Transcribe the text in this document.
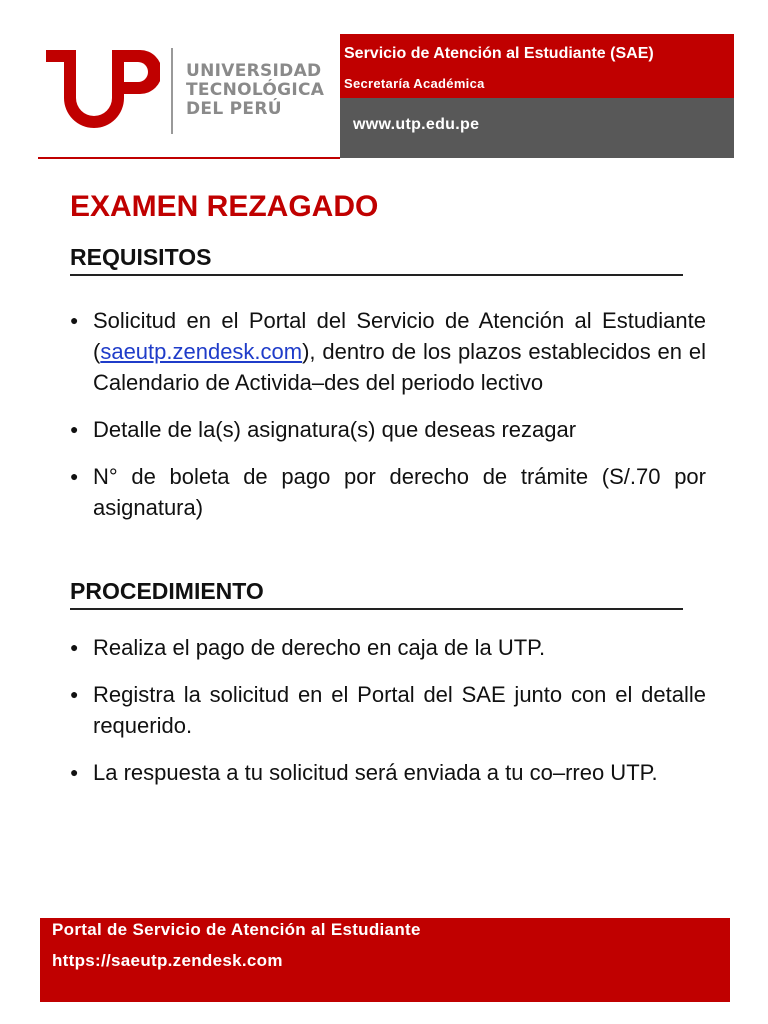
UNIVERSIDAD
TECNOLÓGICA
DEL PERÚ
Servicio de Atención al Estudiante (SAE)
Secretaría Académica
www.utp.edu.pe
EXAMEN REZAGADO
REQUISITOS
● Solicitud en el Portal del Servicio de Atención al Estudiante (saeutp.zendesk.com), dentro de los plazos establecidos en el Calendario de Activida–des del periodo lectivo
● Detalle de la(s) asignatura(s) que deseas rezagar
● N° de boleta de pago por derecho de trámite (S/.70 por asignatura)
PROCEDIMIENTO
● Realiza el pago de derecho en caja de la UTP.
● Registra la solicitud en el Portal del SAE junto con el detalle requerido.
● La respuesta a tu solicitud será enviada a tu co–rreo UTP.
Portal de Servicio de Atención al Estudiante
https://saeutp.zendesk.com
